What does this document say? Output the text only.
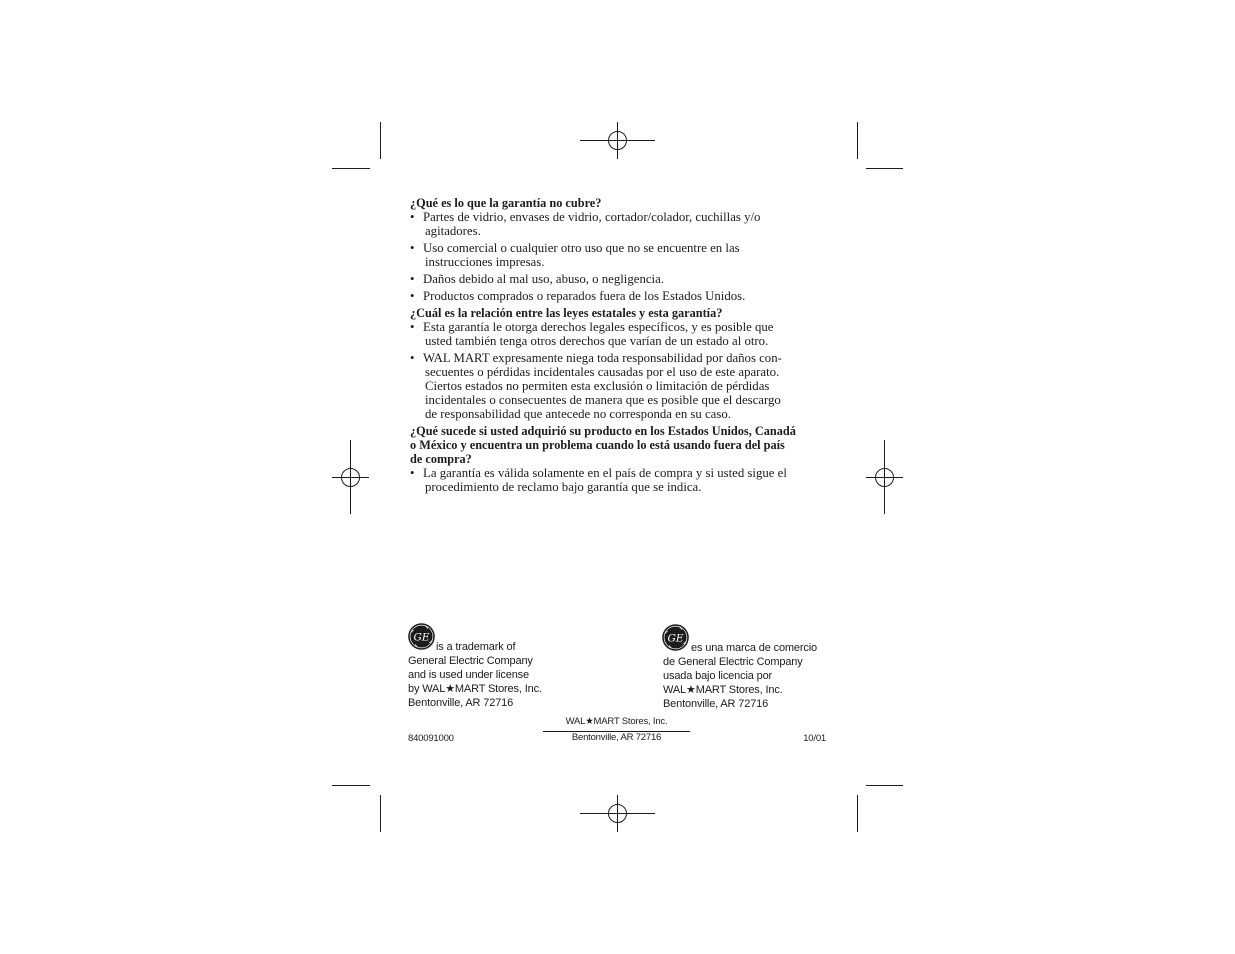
¿Qué es lo que la garantía no cubre?
• Partes de vidrio, envases de vidrio, cortador/colador, cuchillas y/o
agitadores.
• Uso comercial o cualquier otro uso que no se encuentre en las
instrucciones impresas.
• Daños debido al mal uso, abuso, o negligencia.
• Productos comprados o reparados fuera de los Estados Unidos.
¿Cuál es la relación entre las leyes estatales y esta garantía?
• Esta garantía le otorga derechos legales específicos, y es posible que
usted también tenga otros derechos que varían de un estado al otro.
• WAL MART expresamente niega toda responsabilidad por daños con-
secuentes o pérdidas incidentales causadas por el uso de este aparato.
Ciertos estados no permiten esta exclusión o limitación de pérdidas
incidentales o consecuentes de manera que es posible que el descargo
de responsabilidad que antecede no corresponda en su caso.
¿Qué sucede si usted adquirió su producto en los Estados Unidos, Canadá
o México y encuentra un problema cuando lo está usando fuera del país
de compra?
• La garantía es válida solamente en el país de compra y si usted sigue el
procedimiento de reclamo bajo garantía que se indica.
GE
is a trademark of
General Electric Company
and is used under license
by WAL★MART Stores, Inc.
Bentonville, AR 72716
GE
es una marca de comercio
de General Electric Company
usada bajo licencia por
WAL★MART Stores, Inc.
Bentonville, AR 72716
WAL★MART Stores, Inc.
Bentonville, AR 72716
840091000	10/01
